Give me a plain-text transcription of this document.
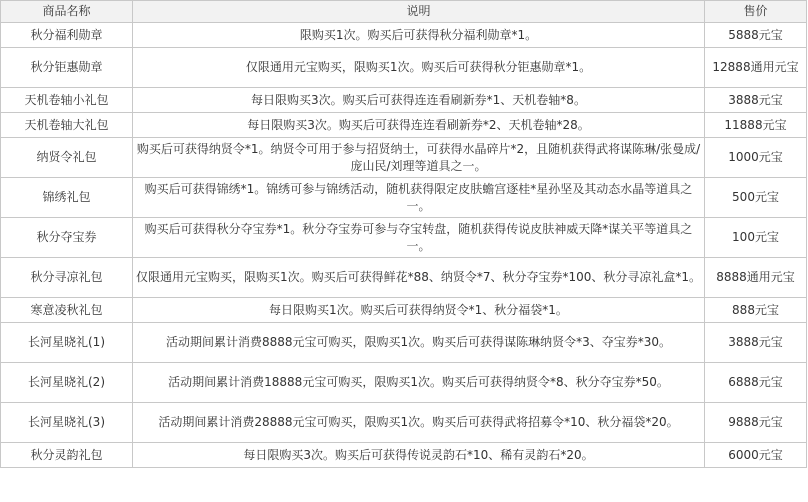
商品名称	说明	售价
秋分福利勋章	限购买1次。购买后可获得秋分福利勋章*1。	5888元宝
秋分钜惠勋章	仅限通用元宝购买，限购买1次。购买后可获得秋分钜惠勋章*1。	12888通用元宝
天机卷轴小礼包	每日限购买3次。购买后可获得连连看刷新券*1、天机卷轴*8。	3888元宝
天机卷轴大礼包	每日限购买3次。购买后可获得连连看刷新券*2、天机卷轴*28。	11888元宝
纳贤令礼包	购买后可获得纳贤令*1。纳贤令可用于参与招贤纳士，可获得水晶碎片*2，且随机获得武将谋陈琳/张曼成/庞山民/刘理等道具之一。	1000元宝
锦绣礼包	购买后可获得锦绣*1。锦绣可参与锦绣活动，随机获得限定皮肤蟾宫逐桂*星孙坚及其动态水晶等道具之一。	500元宝
秋分夺宝券	购买后可获得秋分夺宝券*1。秋分夺宝券可参与夺宝转盘，随机获得传说皮肤神威天降*谋关平等道具之一。	100元宝
秋分寻凉礼包	仅限通用元宝购买，限购买1次。购买后可获得鲜花*88、纳贤令*7、秋分夺宝券*100、秋分寻凉礼盒*1。	8888通用元宝
寒意凌秋礼包	每日限购买1次。购买后可获得纳贤令*1、秋分福袋*1。	888元宝
长河星晓礼(1)	活动期间累计消费8888元宝可购买，限购买1次。购买后可获得谋陈琳纳贤令*3、夺宝券*30。	3888元宝
长河星晓礼(2)	活动期间累计消费18888元宝可购买，限购买1次。购买后可获得纳贤令*8、秋分夺宝券*50。	6888元宝
长河星晓礼(3)	活动期间累计消费28888元宝可购买，限购买1次。购买后可获得武将招募令*10、秋分福袋*20。	9888元宝
秋分灵韵礼包	每日限购买3次。购买后可获得传说灵韵石*10、稀有灵韵石*20。	6000元宝
